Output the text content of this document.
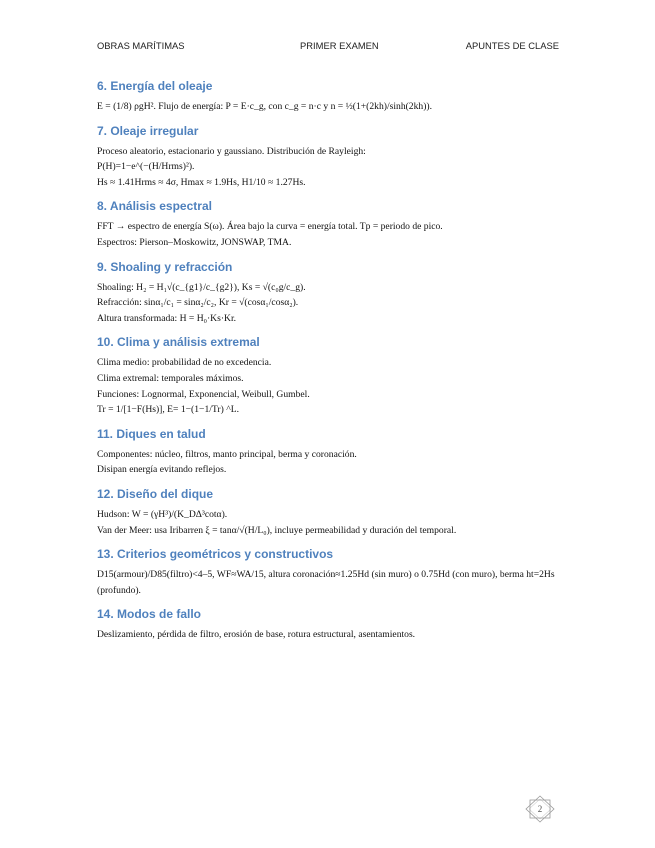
OBRAS MARÍTIMAS	PRIMER EXAMEN	APUNTES DE CLASE
6. Energía del oleaje

E = (1/8) ρgH². Flujo de energía: P = E·c_g, con c_g = n·c y n = ½(1+(2kh)/sinh(2kh)).

7. Oleaje irregular

Proceso aleatorio, estacionario y gaussiano. Distribución de Rayleigh:

P(H)=1−e^(−(H/Hrms)²).

Hs ≈ 1.41Hrms ≈ 4σ, Hmax ≈ 1.9Hs, H1/10 ≈ 1.27Hs.

8. Análisis espectral

FFT → espectro de energía S(ω). Área bajo la curva = energía total. Tp = periodo de pico.

Espectros: Pierson–Moskowitz, JONSWAP, TMA.

9. Shoaling y refracción

Shoaling: H₂ = H₁√(c_{g1}/c_{g2}), Ks = √(c₀g/c_g).

Refracción: sinα₁/c₁ = sinα₂/c₂, Kr = √(cosα₁/cosα₂).

Altura transformada: H = H₀·Ks·Kr.

10. Clima y análisis extremal

Clima medio: probabilidad de no excedencia.

Clima extremal: temporales máximos.

Funciones: Lognormal, Exponencial, Weibull, Gumbel.

Tr = 1/[1−F(Hs)], E= 1−(1−1/Tr) ^L.

11. Diques en talud

Componentes: núcleo, filtros, manto principal, berma y coronación.

Disipan energía evitando reflejos.

12. Diseño del dique

Hudson: W = (γH³)/(K_DΔ³cotα).

Van der Meer: usa Iribarren ξ = tanα/√(H/L₀), incluye permeabilidad y duración del temporal.

13. Criterios geométricos y constructivos

D15(armour)/D85(filtro)<4–5, WF≈WA/15, altura coronación≈1.25Hd (sin muro) o 0.75Hd (con muro), berma ht=2Hs (profundo).

14. Modos de fallo

Deslizamiento, pérdida de filtro, erosión de base, rotura estructural, asentamientos.

2
